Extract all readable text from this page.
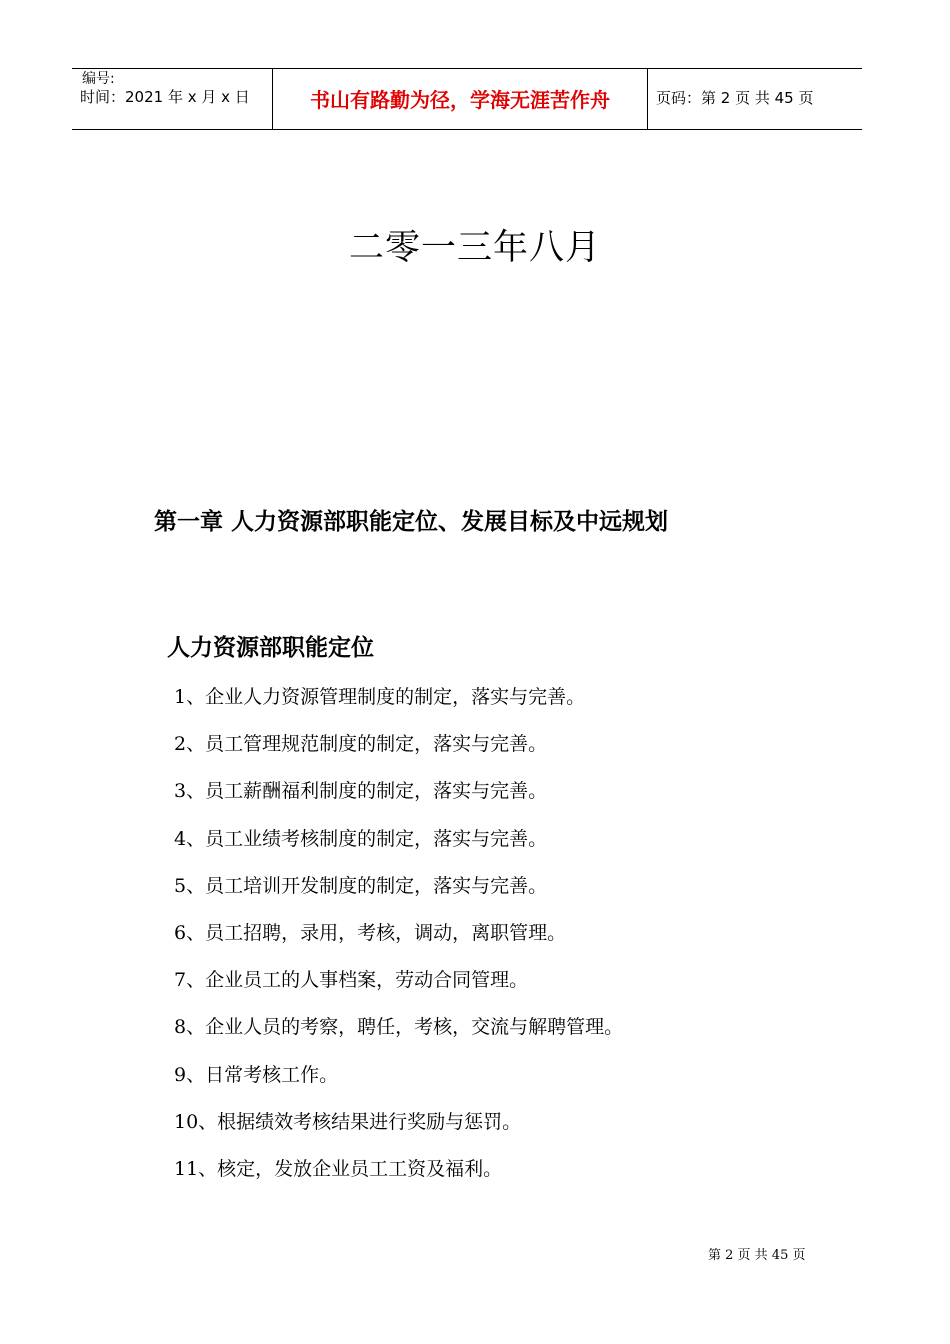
编号:
时间：2021 年 x 月 x 日	书山有路勤为径，学海无涯苦作舟	页码：第 2 页 共 45 页
二零一三年八月
第一章 人力资源部职能定位、发展目标及中远规划
人力资源部职能定位
1、企业人力资源管理制度的制定，落实与完善。
2、员工管理规范制度的制定，落实与完善。
3、员工薪酬福利制度的制定，落实与完善。
4、员工业绩考核制度的制定，落实与完善。
5、员工培训开发制度的制定，落实与完善。
6、员工招聘，录用，考核，调动，离职管理。
7、企业员工的人事档案，劳动合同管理。
8、企业人员的考察，聘任，考核，交流与解聘管理。
9、日常考核工作。
10、根据绩效考核结果进行奖励与惩罚。
11、核定，发放企业员工工资及福利。
第 2 页 共 45 页
